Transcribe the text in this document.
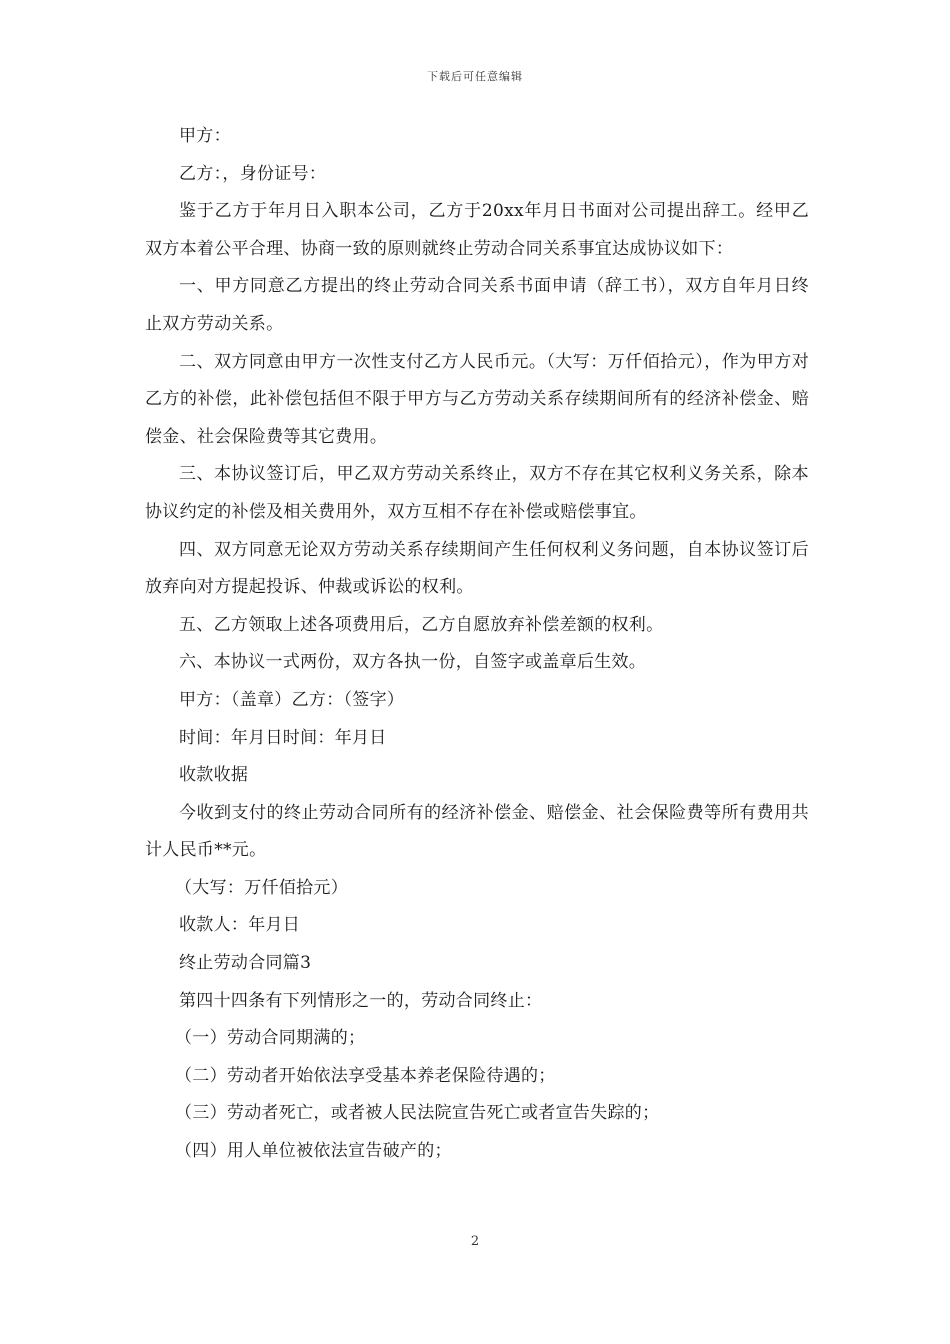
下载后可任意编辑

甲方：

乙方：，身份证号：

鉴于乙方于年月日入职本公司，乙方于20xx年月日书面对公司提出辞工。经甲乙双方本着公平合理、协商一致的原则就终止劳动合同关系事宜达成协议如下：

一、甲方同意乙方提出的终止劳动合同关系书面申请（辞工书），双方自年月日终止双方劳动关系。

二、双方同意由甲方一次性支付乙方人民币元。（大写：万仟佰拾元），作为甲方对乙方的补偿，此补偿包括但不限于甲方与乙方劳动关系存续期间所有的经济补偿金、赔偿金、社会保险费等其它费用。

三、本协议签订后，甲乙双方劳动关系终止，双方不存在其它权利义务关系，除本协议约定的补偿及相关费用外，双方互相不存在补偿或赔偿事宜。

四、双方同意无论双方劳动关系存续期间产生任何权利义务问题，自本协议签订后放弃向对方提起投诉、仲裁或诉讼的权利。

五、乙方领取上述各项费用后，乙方自愿放弃补偿差额的权利。

六、本协议一式两份，双方各执一份，自签字或盖章后生效。

甲方：（盖章）乙方：（签字）

时间：年月日时间：年月日

收款收据

今收到支付的终止劳动合同所有的经济补偿金、赔偿金、社会保险费等所有费用共计人民币**元。

（大写：万仟佰拾元）

收款人：年月日

终止劳动合同篇3

第四十四条有下列情形之一的，劳动合同终止：

（一）劳动合同期满的；

（二）劳动者开始依法享受基本养老保险待遇的；

（三）劳动者死亡，或者被人民法院宣告死亡或者宣告失踪的；

（四）用人单位被依法宣告破产的；

2
